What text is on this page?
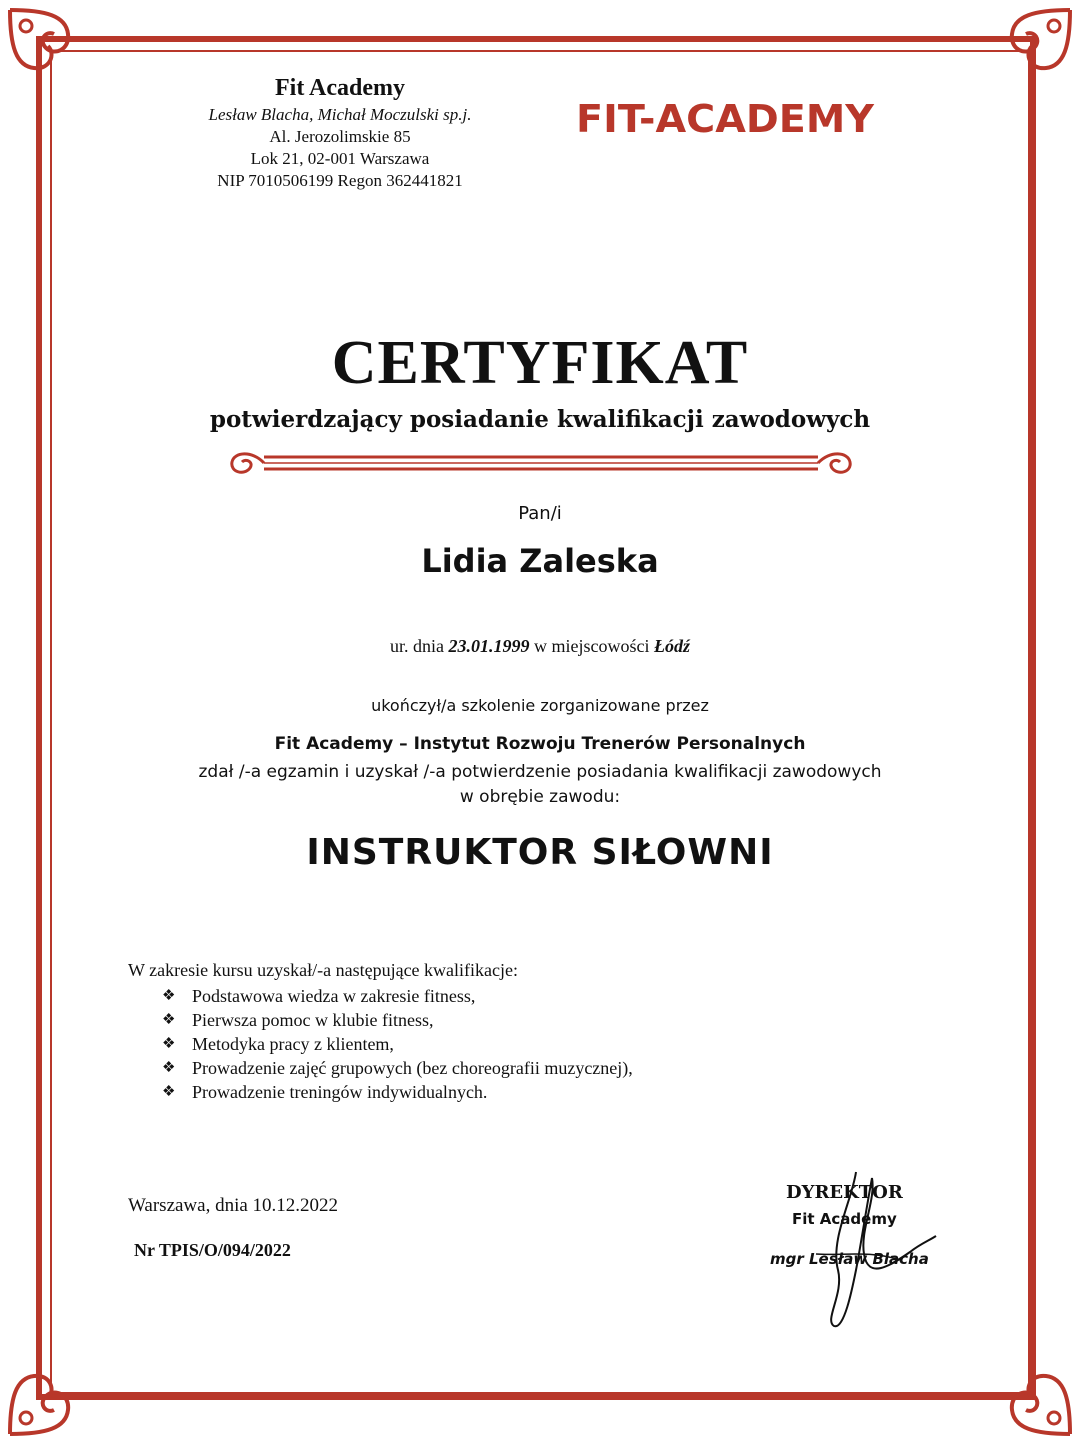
Fit Academy
Lesław Blacha, Michał Moczulski sp.j.
Al. Jerozolimskie 85
Lok 21, 02-001 Warszawa
NIP 7010506199 Regon 362441821
FIT-ACADEMY
CERTYFIKAT
potwierdzający posiadanie kwalifikacji zawodowych
Pan/i
Lidia Zaleska
ur. dnia 23.01.1999 w miejscowości Łódź
ukończył/a szkolenie zorganizowane przez
Fit Academy – Instytut Rozwoju Trenerów Personalnych
zdał /-a egzamin i uzyskał /-a potwierdzenie posiadania kwalifikacji zawodowych
w obrębie zawodu:
INSTRUKTOR SIŁOWNI
W zakresie kursu uzyskał/-a następujące kwalifikacje:
❖ Podstawowa wiedza w zakresie fitness,
❖ Pierwsza pomoc w klubie fitness,
❖ Metodyka pracy z klientem,
❖ Prowadzenie zajęć grupowych (bez choreografii muzycznej),
❖ Prowadzenie treningów indywidualnych.
Warszawa, dnia 10.12.2022
Nr TPIS/O/094/2022
DYREKTOR
Fit Academy
mgr Lesław Blacha
